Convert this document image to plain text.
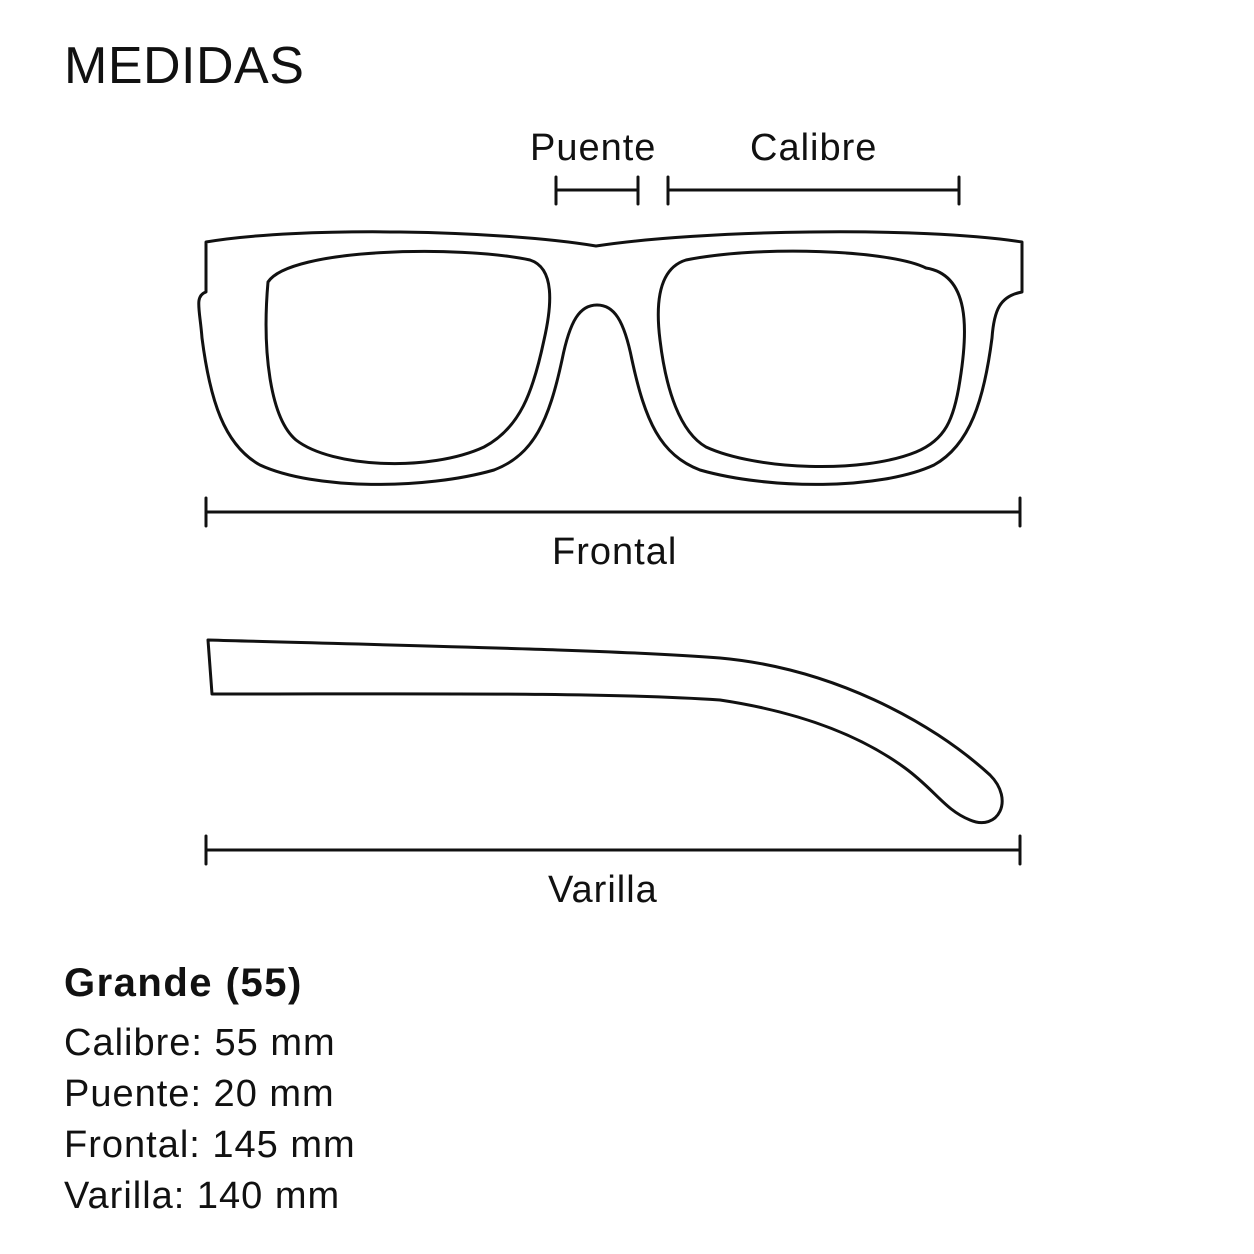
MEDIDAS
Puente Calibre
Frontal
Varilla
Grande (55)
Calibre: 55 mm
Puente: 20 mm
Frontal: 145 mm
Varilla: 140 mm
